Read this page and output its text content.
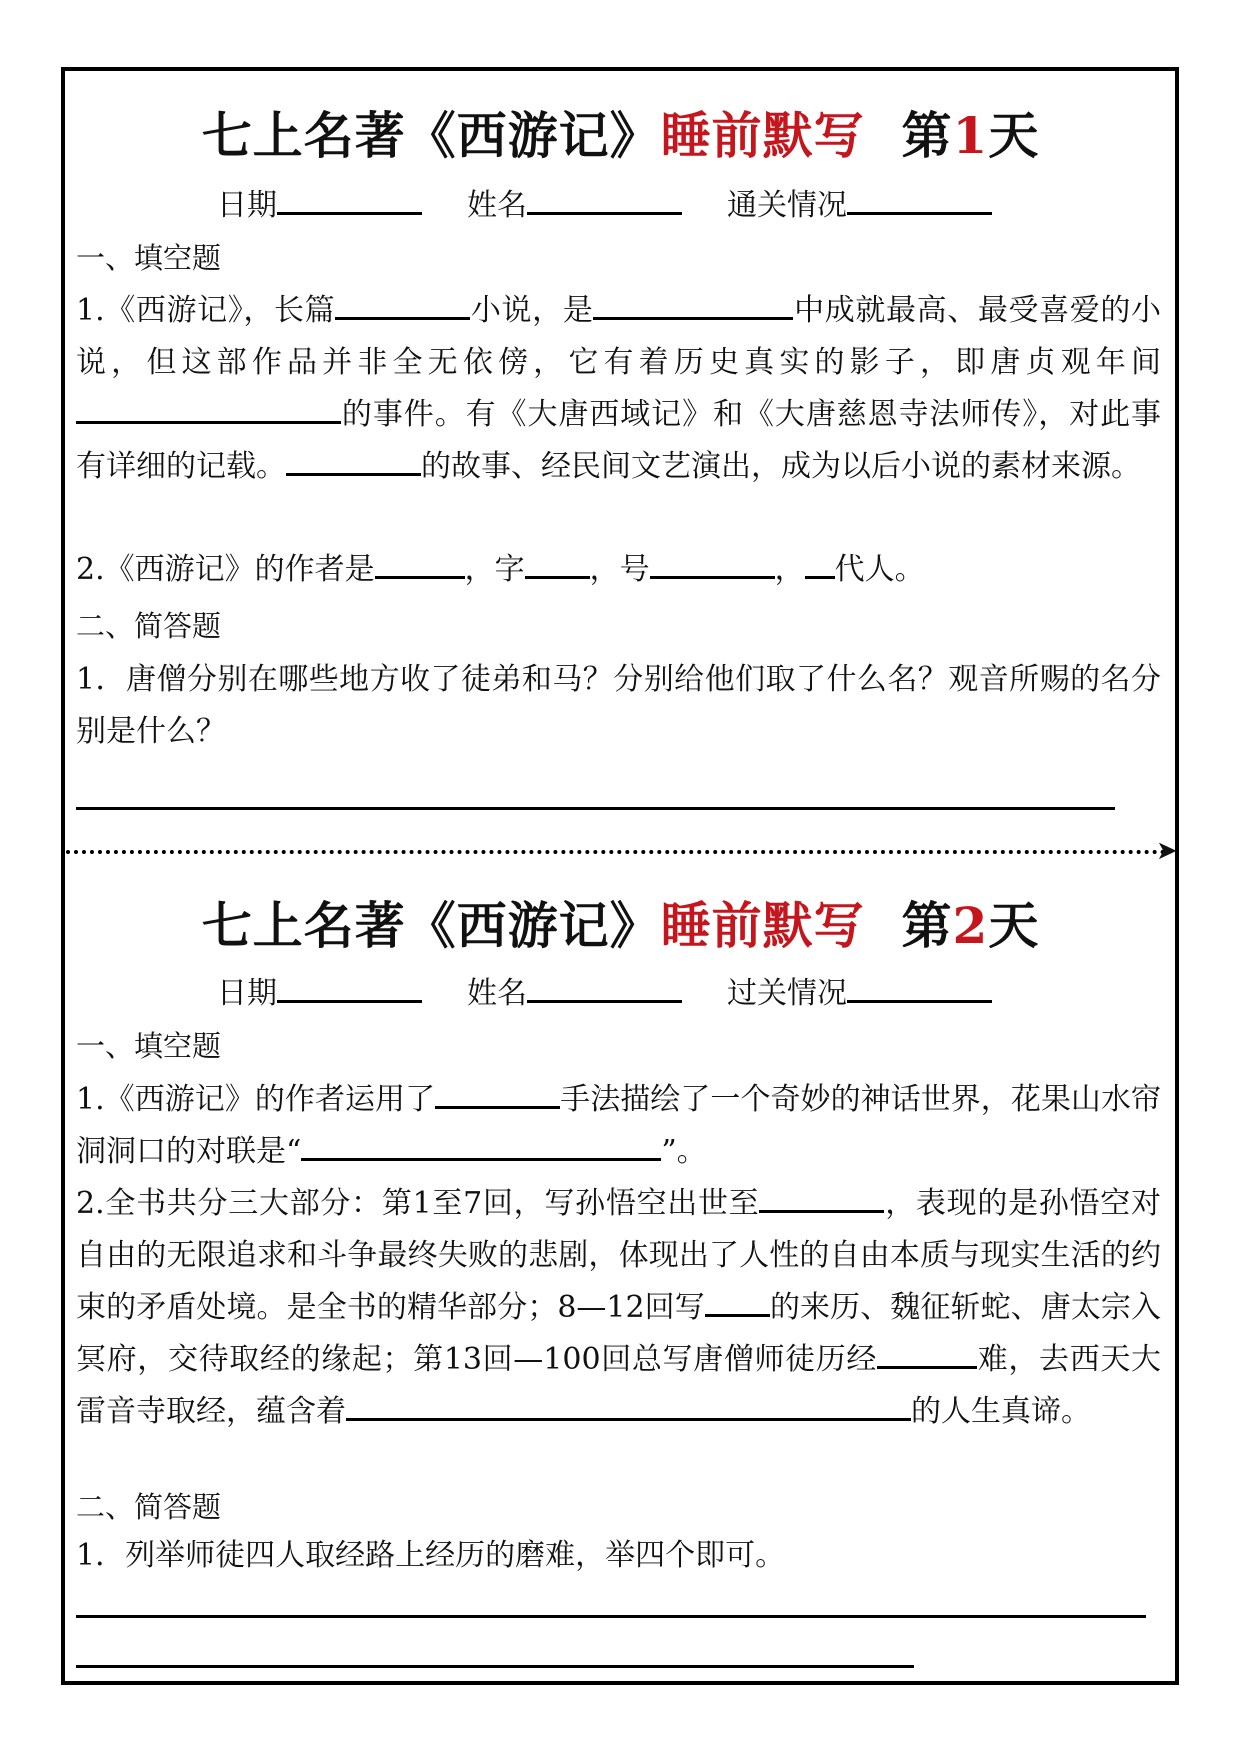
七上名著《西游记》睡前默写 第1天
日期	姓名	通关情况
一、填空题
1.《西游记》，长篇	小说，是	中成就最高、最受喜爱的小说，但这部作品并非全无依傍，它有着历史真实的影子，即唐贞观年间的事件。有《大唐西域记》和《大唐慈恩寺法师传》，对此事有详细的记载。	的故事、经民间文艺演出，成为以后小说的素材来源。
2.《西游记》的作者是	，字 ，号	， 代人。
二、简答题
1．唐僧分别在哪些地方收了徒弟和马？分别给他们取了什么名？观音所赐的名分别是什么？
➤
七上名著《西游记》睡前默写 第2天
日期	姓名	过关情况
一、填空题
1.《西游记》的作者运用了	手法描绘了一个奇妙的神话世界，花果山水帘洞洞口的对联是“	”。
2.全书共分三大部分：第1至7回，写孙悟空出世至	，表现的是孙悟空对自由的无限追求和斗争最终失败的悲剧，体现出了人性的自由本质与现实生活的约束的矛盾处境。是全书的精华部分；8—12回写 的来历、魏征斩蛇、唐太宗入冥府，交待取经的缘起；第13回—100回总写唐僧师徒历经	难，去西天大雷音寺取经，蕴含着	的人生真谛。
二、简答题
1．列举师徒四人取经路上经历的磨难，举四个即可。
